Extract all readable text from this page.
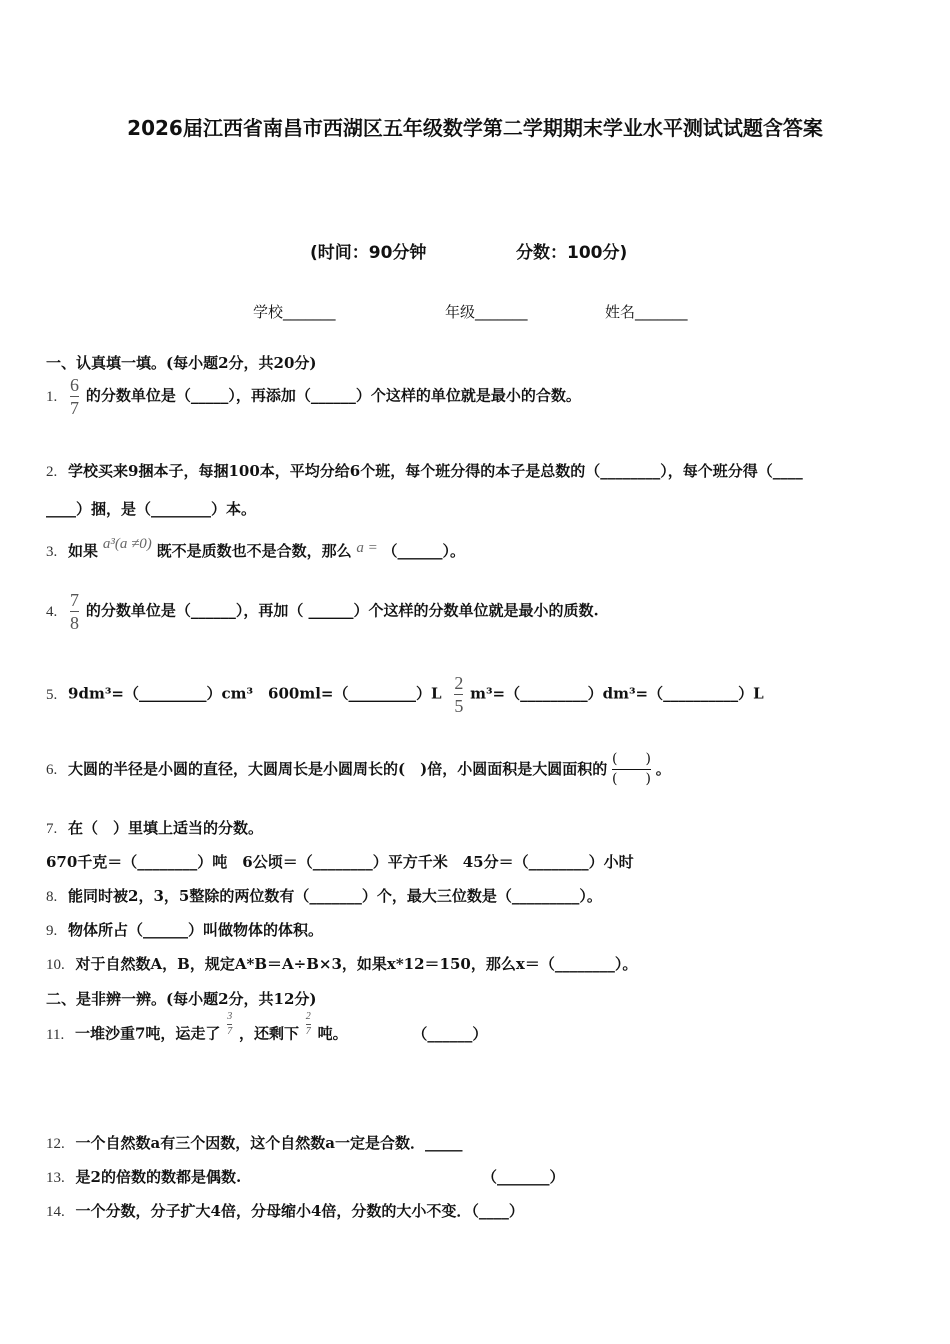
2026届江西省南昌市西湖区五年级数学第二学期期末学业水平测试试题含答案
(时间：90分钟	分数：100分)
学校_______	年级_______	姓名_______
一、认真填一填。(每小题2分，共20分)
1. $\frac{6}{7}$ 的分数单位是（_____），再添加（______）个这样的单位就是最小的合数。
2. 学校买来9捆本子，每捆100本，平均分给6个班，每个班分得的本子是总数的（________），每个班分得（____
____）捆，是（________）本。
3. 如果 a³(a ≠0) 既不是质数也不是合数，那么 a = （______）。
4. $\frac{7}{8}$ 的分数单位是（______），再加（ ______）个这样的分数单位就是最小的质数.
5. 9dm³=（_________）cm³　600ml=（_________）L $\frac{2}{5}$ m³=（_________）dm³=（__________）L
6. 大圆的半径是小圆的直径，大圆周长是小圆周长的(　)倍，小圆面积是大圆面积的
(　　)
(　　)
。
7. 在（　）里填上适当的分数。
670千克＝（________）吨　6公顷＝（________）平方千米　45分＝（________）小时
8. 能同时被2，3，5整除的两位数有（_______）个，最大三位数是（_________）。
9. 物体所占（______）叫做物体的体积。
10. 对于自然数A，B，规定A*B＝A÷B×3，如果x*12＝150，那么x＝（________）。
二、是非辨一辨。(每小题2分，共12分)
11. 一堆沙重7吨，运走了 $\frac{3}{7}$ ，还剩下 $\frac{2}{7}$ 吨。	（______）
12. 一个自然数a有三个因数，这个自然数a一定是合数．_____
13. 是2的倍数的数都是偶数.	（_______）
14. 一个分数，分子扩大4倍，分母缩小4倍，分数的大小不变．（____）
